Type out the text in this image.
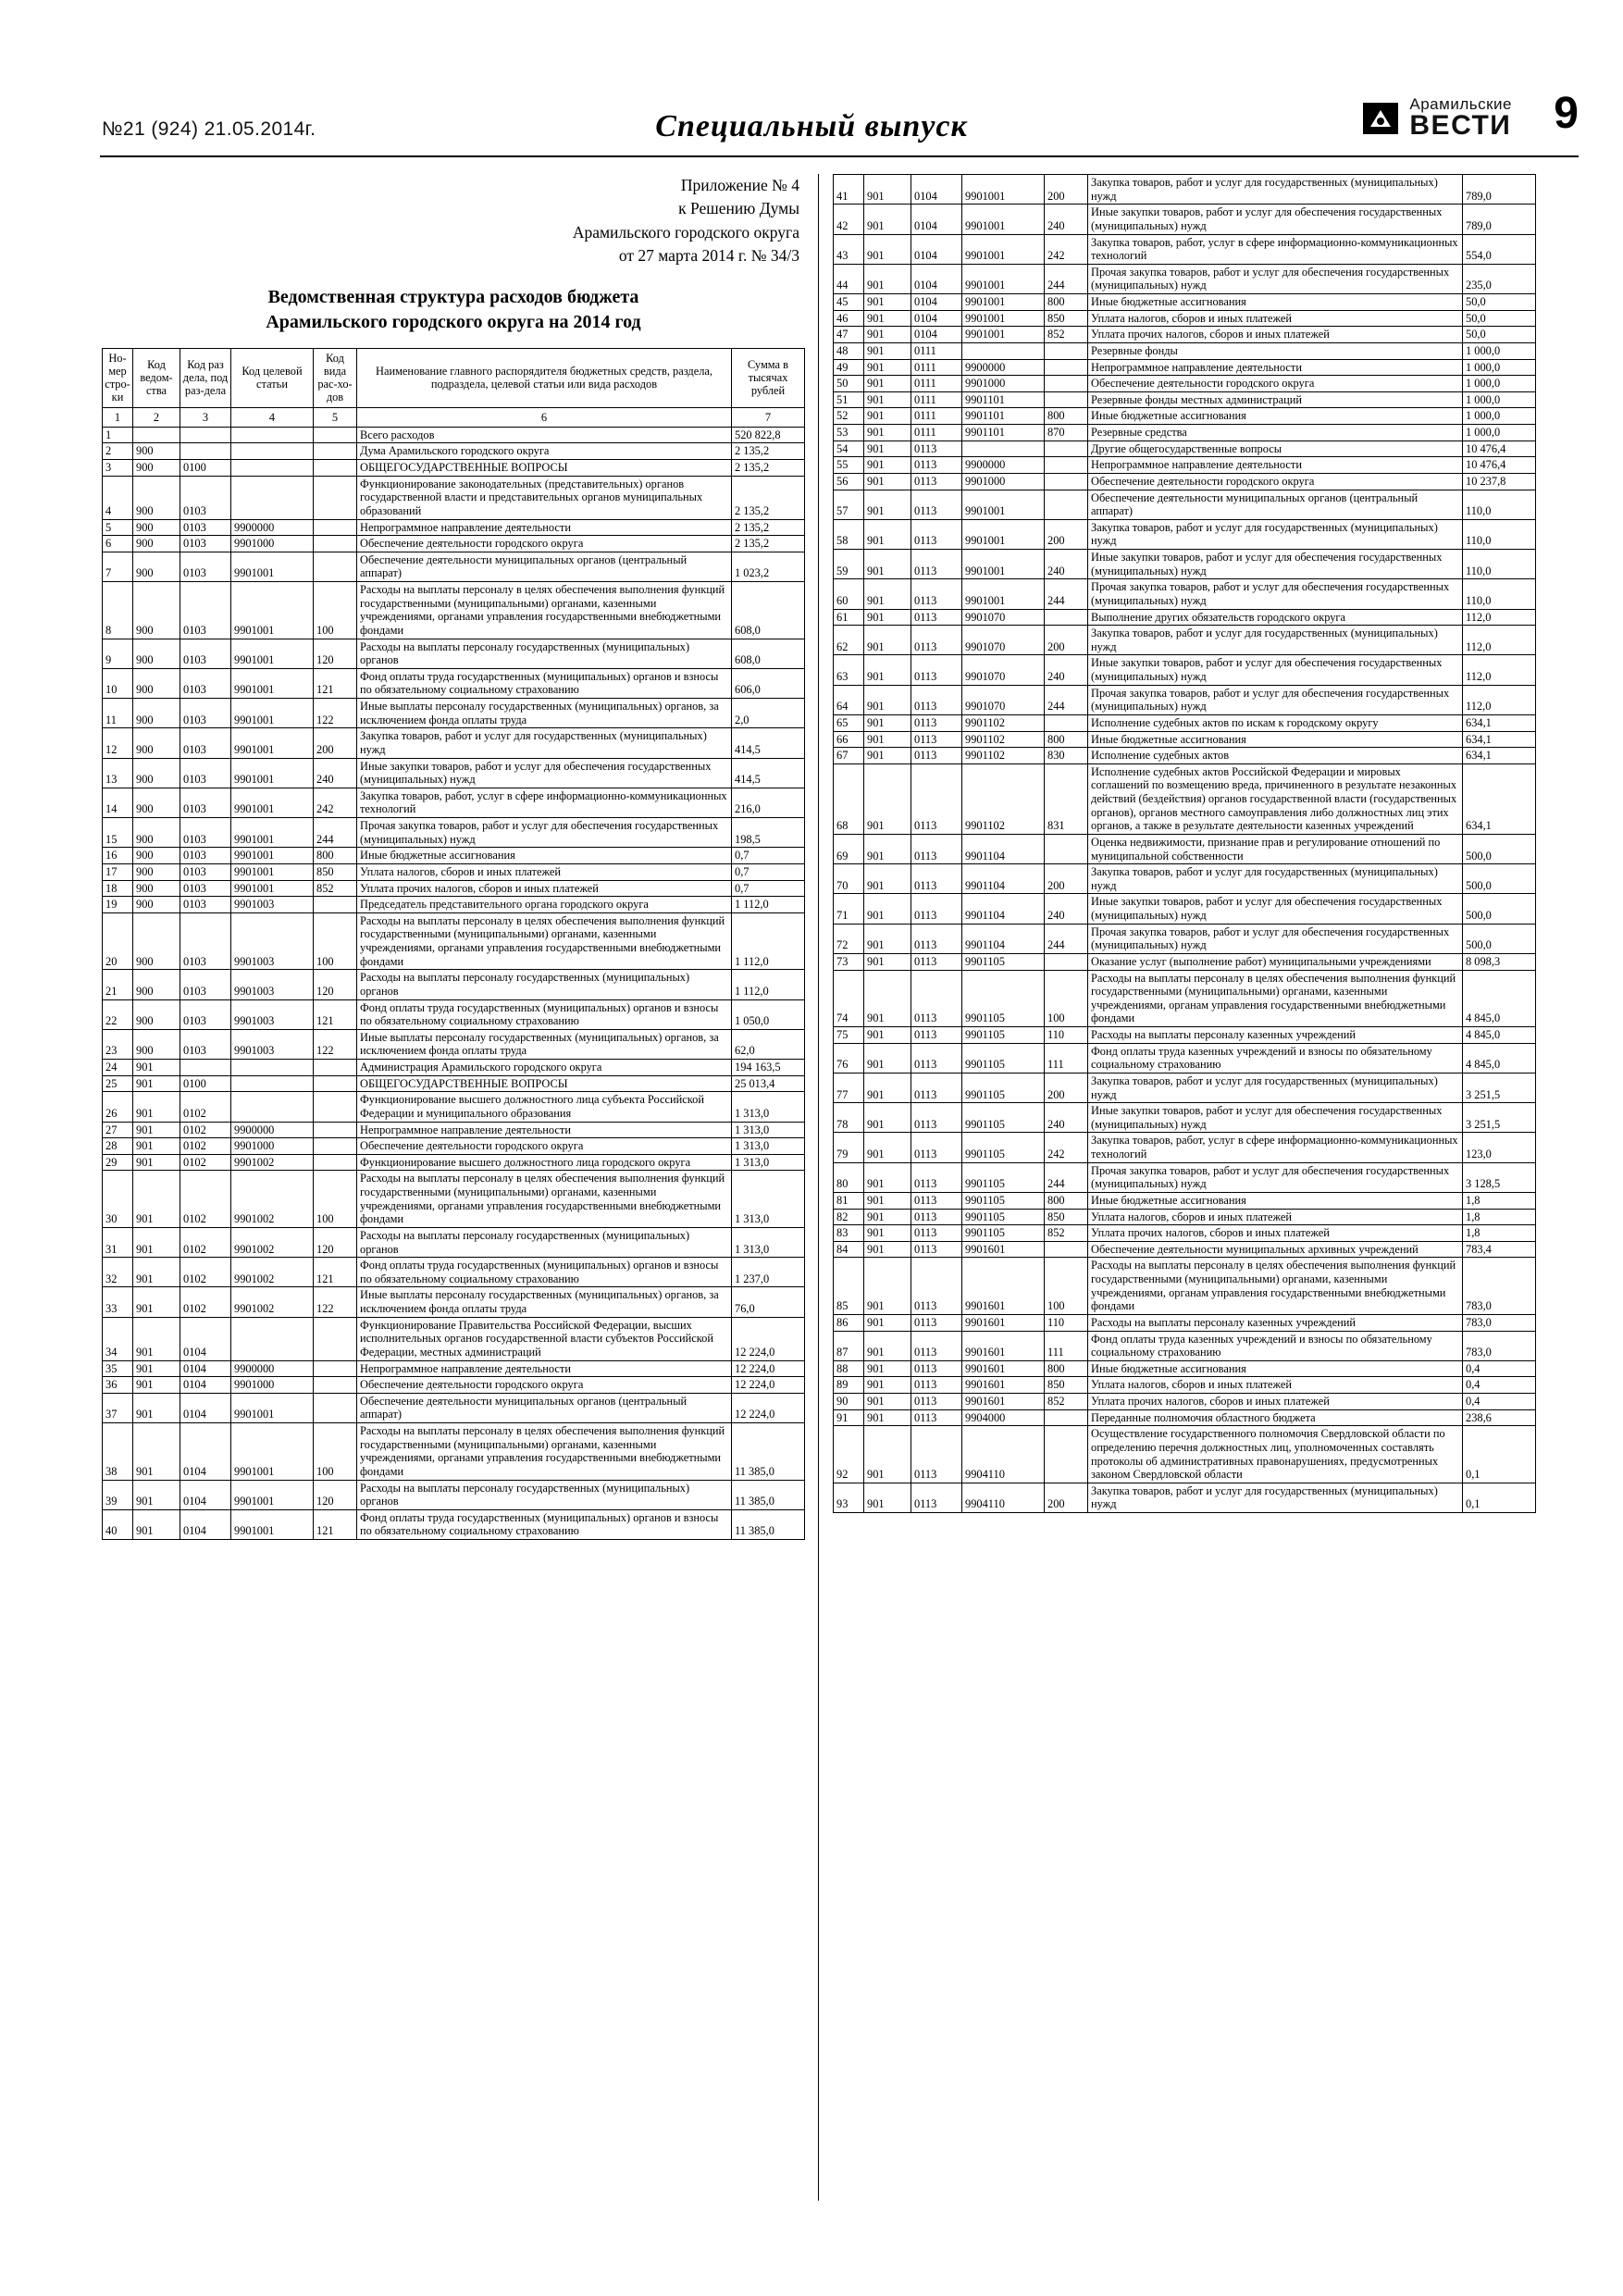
№21 (924) 21.05.2014г.	Специальный выпуск
Арамильские
ВЕСТИ 9
Приложение № 4
к Решению Думы
Арамильского городского округа
от 27 марта 2014 г. № 34/3
Ведомственная структура расходов бюджета
Арамильского городского округа на 2014 год
Но-мер стро-ки	Код ведом-ства	Код раз дела, под раз-дела	Код целевой статьи	Код вида рас-хо-дов	Наименование главного распорядителя бюджетных средств, раздела, подраздела, целевой статьи или вида расходов	Сумма в тысячах рублей
1	2	3	4	5	6	7
1					Всего расходов	520 822,8
2	900				Дума Арамильского городского округа	2 135,2
3	900	0100			ОБЩЕГОСУДАРСТВЕННЫЕ ВОПРОСЫ	2 135,2
4	900	0103			Функционирование законодательных (представительных) органов государственной власти и представительных органов муниципальных образований	2 135,2
5	900	0103	9900000		Непрограммное направление деятельности	2 135,2
6	900	0103	9901000		Обеспечение деятельности городского округа	2 135,2
7	900	0103	9901001		Обеспечение деятельности муниципальных органов (центральный аппарат)	1 023,2
8	900	0103	9901001	100	Расходы на выплаты персоналу в целях обеспечения выполнения функций государственными (муниципальными) органами, казенными учреждениями, органами управления государственными внебюджетными фондами	608,0
9	900	0103	9901001	120	Расходы на выплаты персоналу государственных (муниципальных) органов	608,0
10	900	0103	9901001	121	Фонд оплаты труда государственных (муниципальных) органов и взносы по обязательному социальному страхованию	606,0
11	900	0103	9901001	122	Иные выплаты персоналу государственных (муниципальных) органов, за исключением фонда оплаты труда	2,0
12	900	0103	9901001	200	Закупка товаров, работ и услуг для государственных (муниципальных) нужд	414,5
13	900	0103	9901001	240	Иные закупки товаров, работ и услуг для обеспечения государственных (муниципальных) нужд	414,5
14	900	0103	9901001	242	Закупка товаров, работ, услуг в сфере информационно-коммуникационных технологий	216,0
15	900	0103	9901001	244	Прочая закупка товаров, работ и услуг для обеспечения государственных (муниципальных) нужд	198,5
16	900	0103	9901001	800	Иные бюджетные ассигнования	0,7
17	900	0103	9901001	850	Уплата налогов, сборов и иных платежей	0,7
18	900	0103	9901001	852	Уплата прочих налогов, сборов и иных платежей	0,7
19	900	0103	9901003		Председатель представительного органа городского округа	1 112,0
20	900	0103	9901003	100	Расходы на выплаты персоналу в целях обеспечения выполнения функций государственными (муниципальными) органами, казенными учреждениями, органами управления государственными внебюджетными фондами	1 112,0
21	900	0103	9901003	120	Расходы на выплаты персоналу государственных (муниципальных) органов	1 112,0
22	900	0103	9901003	121	Фонд оплаты труда государственных (муниципальных) органов и взносы по обязательному социальному страхованию	1 050,0
23	900	0103	9901003	122	Иные выплаты персоналу государственных (муниципальных) органов, за исключением фонда оплаты труда	62,0
24	901				Администрация Арамильского городского округа	194 163,5
25	901	0100			ОБЩЕГОСУДАРСТВЕННЫЕ ВОПРОСЫ	25 013,4
26	901	0102			Функционирование высшего должностного лица субъекта Российской Федерации и муниципального образования	1 313,0
27	901	0102	9900000		Непрограммное направление деятельности	1 313,0
28	901	0102	9901000		Обеспечение деятельности городского округа	1 313,0
29	901	0102	9901002		Функционирование высшего должностного лица городского округа	1 313,0
30	901	0102	9901002	100	Расходы на выплаты персоналу в целях обеспечения выполнения функций государственными (муниципальными) органами, казенными учреждениями, органами управления государственными внебюджетными фондами	1 313,0
31	901	0102	9901002	120	Расходы на выплаты персоналу государственных (муниципальных) органов	1 313,0
32	901	0102	9901002	121	Фонд оплаты труда государственных (муниципальных) органов и взносы по обязательному социальному страхованию	1 237,0
33	901	0102	9901002	122	Иные выплаты персоналу государственных (муниципальных) органов, за исключением фонда оплаты труда	76,0
34	901	0104			Функционирование Правительства Российской Федерации, высших исполнительных органов государственной власти субъектов Российской Федерации, местных администраций	12 224,0
35	901	0104	9900000		Непрограммное направление деятельности	12 224,0
36	901	0104	9901000		Обеспечение деятельности городского округа	12 224,0
37	901	0104	9901001		Обеспечение деятельности муниципальных органов (центральный аппарат)	12 224,0
38	901	0104	9901001	100	Расходы на выплаты персоналу в целях обеспечения выполнения функций государственными (муниципальными) органами, казенными учреждениями, органами управления государственными внебюджетными фондами	11 385,0
39	901	0104	9901001	120	Расходы на выплаты персоналу государственных (муниципальных) органов	11 385,0
40	901	0104	9901001	121	Фонд оплаты труда государственных (муниципальных) органов и взносы по обязательному социальному страхованию	11 385,0
41	901	0104	9901001	200	Закупка товаров, работ и услуг для государственных (муниципальных) нужд	789,0
42	901	0104	9901001	240	Иные закупки товаров, работ и услуг для обеспечения государственных (муниципальных) нужд	789,0
43	901	0104	9901001	242	Закупка товаров, работ, услуг в сфере информационно-коммуникационных технологий	554,0
44	901	0104	9901001	244	Прочая закупка товаров, работ и услуг для обеспечения государственных (муниципальных) нужд	235,0
45	901	0104	9901001	800	Иные бюджетные ассигнования	50,0
46	901	0104	9901001	850	Уплата налогов, сборов и иных платежей	50,0
47	901	0104	9901001	852	Уплата прочих налогов, сборов и иных платежей	50,0
48	901	0111			Резервные фонды	1 000,0
49	901	0111	9900000		Непрограммное направление деятельности	1 000,0
50	901	0111	9901000		Обеспечение деятельности городского округа	1 000,0
51	901	0111	9901101		Резервные фонды местных администраций	1 000,0
52	901	0111	9901101	800	Иные бюджетные ассигнования	1 000,0
53	901	0111	9901101	870	Резервные средства	1 000,0
54	901	0113			Другие общегосударственные вопросы	10 476,4
55	901	0113	9900000		Непрограммное направление деятельности	10 476,4
56	901	0113	9901000		Обеспечение деятельности городского округа	10 237,8
57	901	0113	9901001		Обеспечение деятельности муниципальных органов (центральный аппарат)	110,0
58	901	0113	9901001	200	Закупка товаров, работ и услуг для государственных (муниципальных) нужд	110,0
59	901	0113	9901001	240	Иные закупки товаров, работ и услуг для обеспечения государственных (муниципальных) нужд	110,0
60	901	0113	9901001	244	Прочая закупка товаров, работ и услуг для обеспечения государственных (муниципальных) нужд	110,0
61	901	0113	9901070		Выполнение других обязательств городского округа	112,0
62	901	0113	9901070	200	Закупка товаров, работ и услуг для государственных (муниципальных) нужд	112,0
63	901	0113	9901070	240	Иные закупки товаров, работ и услуг для обеспечения государственных (муниципальных) нужд	112,0
64	901	0113	9901070	244	Прочая закупка товаров, работ и услуг для обеспечения государственных (муниципальных) нужд	112,0
65	901	0113	9901102		Исполнение судебных актов по искам к городскому округу	634,1
66	901	0113	9901102	800	Иные бюджетные ассигнования	634,1
67	901	0113	9901102	830	Исполнение судебных актов	634,1
68	901	0113	9901102	831	Исполнение судебных актов Российской Федерации и мировых соглашений по возмещению вреда, причиненного в результате незаконных действий (бездействия) органов государственной власти (государственных органов), органов местного самоуправления либо должностных лиц этих органов, а также в результате деятельности казенных учреждений	634,1
69	901	0113	9901104		Оценка недвижимости, признание прав и регулирование отношений по муниципальной собственности	500,0
70	901	0113	9901104	200	Закупка товаров, работ и услуг для государственных (муниципальных) нужд	500,0
71	901	0113	9901104	240	Иные закупки товаров, работ и услуг для обеспечения государственных (муниципальных) нужд	500,0
72	901	0113	9901104	244	Прочая закупка товаров, работ и услуг для обеспечения государственных (муниципальных) нужд	500,0
73	901	0113	9901105		Оказание услуг (выполнение работ) муниципальными учреждениями	8 098,3
74	901	0113	9901105	100	Расходы на выплаты персоналу в целях обеспечения выполнения функций государственными (муниципальными) органами, казенными учреждениями, органам управления государственными внебюджетными фондами	4 845,0
75	901	0113	9901105	110	Расходы на выплаты персоналу казенных учреждений	4 845,0
76	901	0113	9901105	111	Фонд оплаты труда казенных учреждений и взносы по обязательному социальному страхованию	4 845,0
77	901	0113	9901105	200	Закупка товаров, работ и услуг для государственных (муниципальных) нужд	3 251,5
78	901	0113	9901105	240	Иные закупки товаров, работ и услуг для обеспечения государственных (муниципальных) нужд	3 251,5
79	901	0113	9901105	242	Закупка товаров, работ, услуг в сфере информационно-коммуникационных технологий	123,0
80	901	0113	9901105	244	Прочая закупка товаров, работ и услуг для обеспечения государственных (муниципальных) нужд	3 128,5
81	901	0113	9901105	800	Иные бюджетные ассигнования	1,8
82	901	0113	9901105	850	Уплата налогов, сборов и иных платежей	1,8
83	901	0113	9901105	852	Уплата прочих налогов, сборов и иных платежей	1,8
84	901	0113	9901601		Обеспечение деятельности муниципальных архивных учреждений	783,4
85	901	0113	9901601	100	Расходы на выплаты персоналу в целях обеспечения выполнения функций государственными (муниципальными) органами, казенными учреждениями, органам управления государственными внебюджетными фондами	783,0
86	901	0113	9901601	110	Расходы на выплаты персоналу казенных учреждений	783,0
87	901	0113	9901601	111	Фонд оплаты труда казенных учреждений и взносы по обязательному социальному страхованию	783,0
88	901	0113	9901601	800	Иные бюджетные ассигнования	0,4
89	901	0113	9901601	850	Уплата налогов, сборов и иных платежей	0,4
90	901	0113	9901601	852	Уплата прочих налогов, сборов и иных платежей	0,4
91	901	0113	9904000		Переданные полномочия областного бюджета	238,6
92	901	0113	9904110		Осуществление государственного полномочия Свердловской области по определению перечня должностных лиц, уполномоченных составлять протоколы об административных правонарушениях, предусмотренных законом Свердловской области	0,1
93	901	0113	9904110	200	Закупка товаров, работ и услуг для государственных (муниципальных) нужд	0,1
